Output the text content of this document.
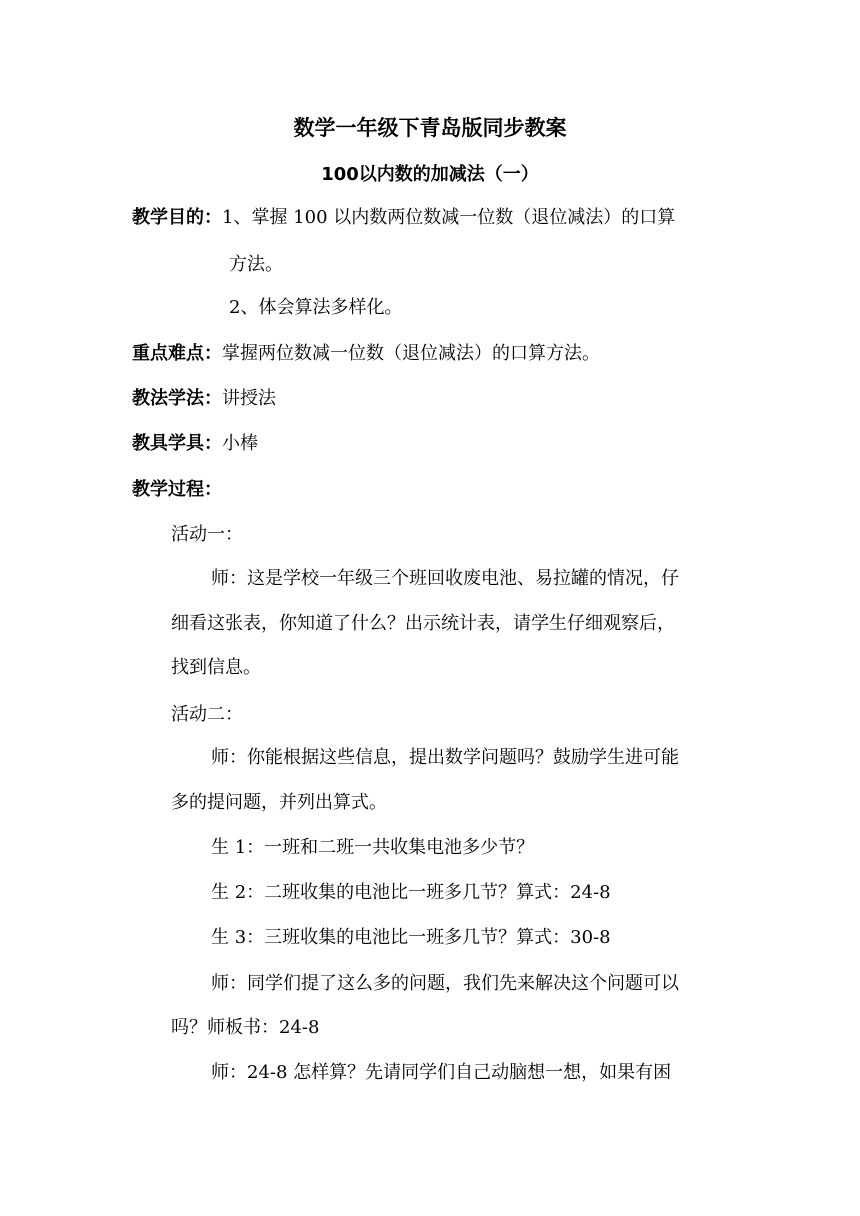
数学一年级下青岛版同步教案
100以内数的加减法（一）
教学目的：1、掌握 100 以内数两位数减一位数（退位减法）的口算
方法。
2、体会算法多样化。
重点难点：掌握两位数减一位数（退位减法）的口算方法。
教法学法：讲授法
教具学具：小棒
教学过程：
活动一：
师：这是学校一年级三个班回收废电池、易拉罐的情况，仔
细看这张表，你知道了什么？出示统计表，请学生仔细观察后，
找到信息。
活动二：
师：你能根据这些信息，提出数学问题吗？鼓励学生进可能
多的提问题，并列出算式。
生 1：一班和二班一共收集电池多少节？
生 2：二班收集的电池比一班多几节？算式：24-8
生 3：三班收集的电池比一班多几节？算式：30-8
师：同学们提了这么多的问题，我们先来解决这个问题可以
吗？师板书：24-8
师：24-8 怎样算？先请同学们自己动脑想一想，如果有困
